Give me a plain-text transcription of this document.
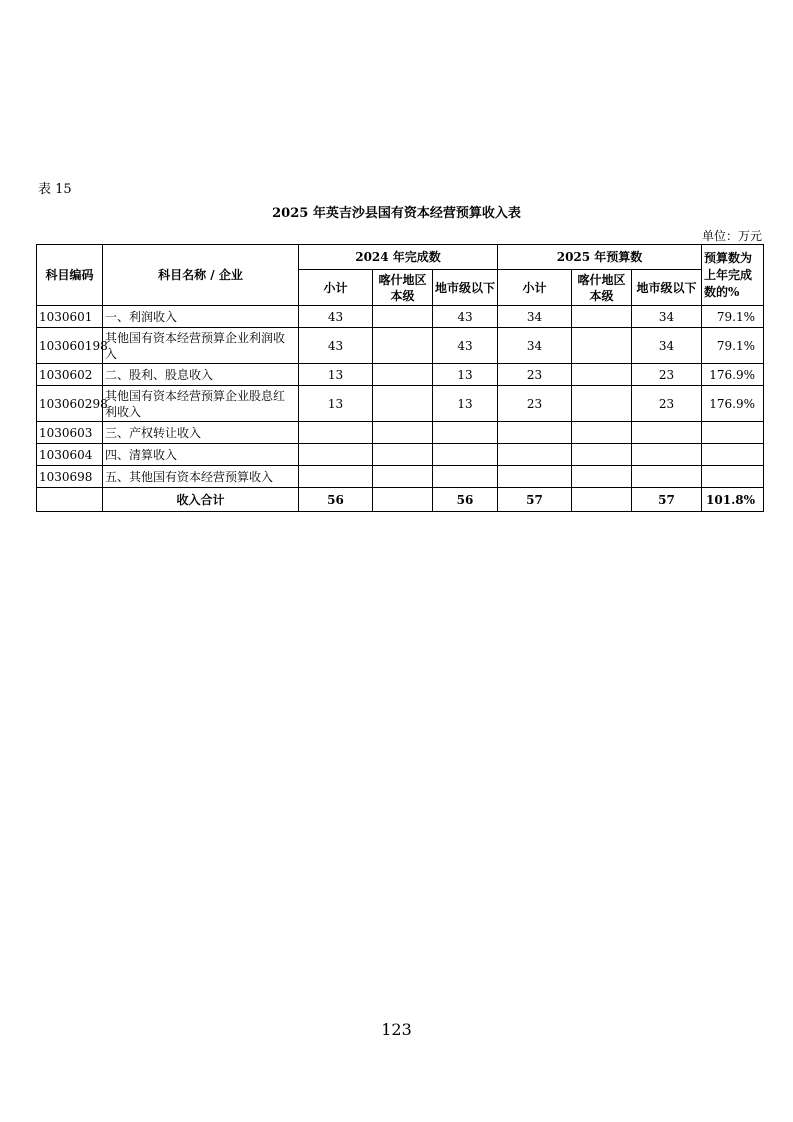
表 15
2025 年英吉沙县国有资本经营预算收入表
单位：万元
科目编码	科目名称 / 企业	2024 年完成数			2025 年预算数			预算数为上年完成数的%
		小计	喀什地区本级	地市级以下	小计	喀什地区本级	地市级以下	
1030601	一、利润收入	43		43	34		34	79.1%
103060198	其他国有资本经营预算企业利润收入	43		43	34		34	79.1%
1030602	二、股利、股息收入	13		13	23		23	176.9%
103060298	其他国有资本经营预算企业股息红利收入	13		13	23		23	176.9%
1030603	三、产权转让收入							
1030604	四、清算收入							
1030698	五、其他国有资本经营预算收入							
	收入合计	56		56	57		57	101.8%
123
